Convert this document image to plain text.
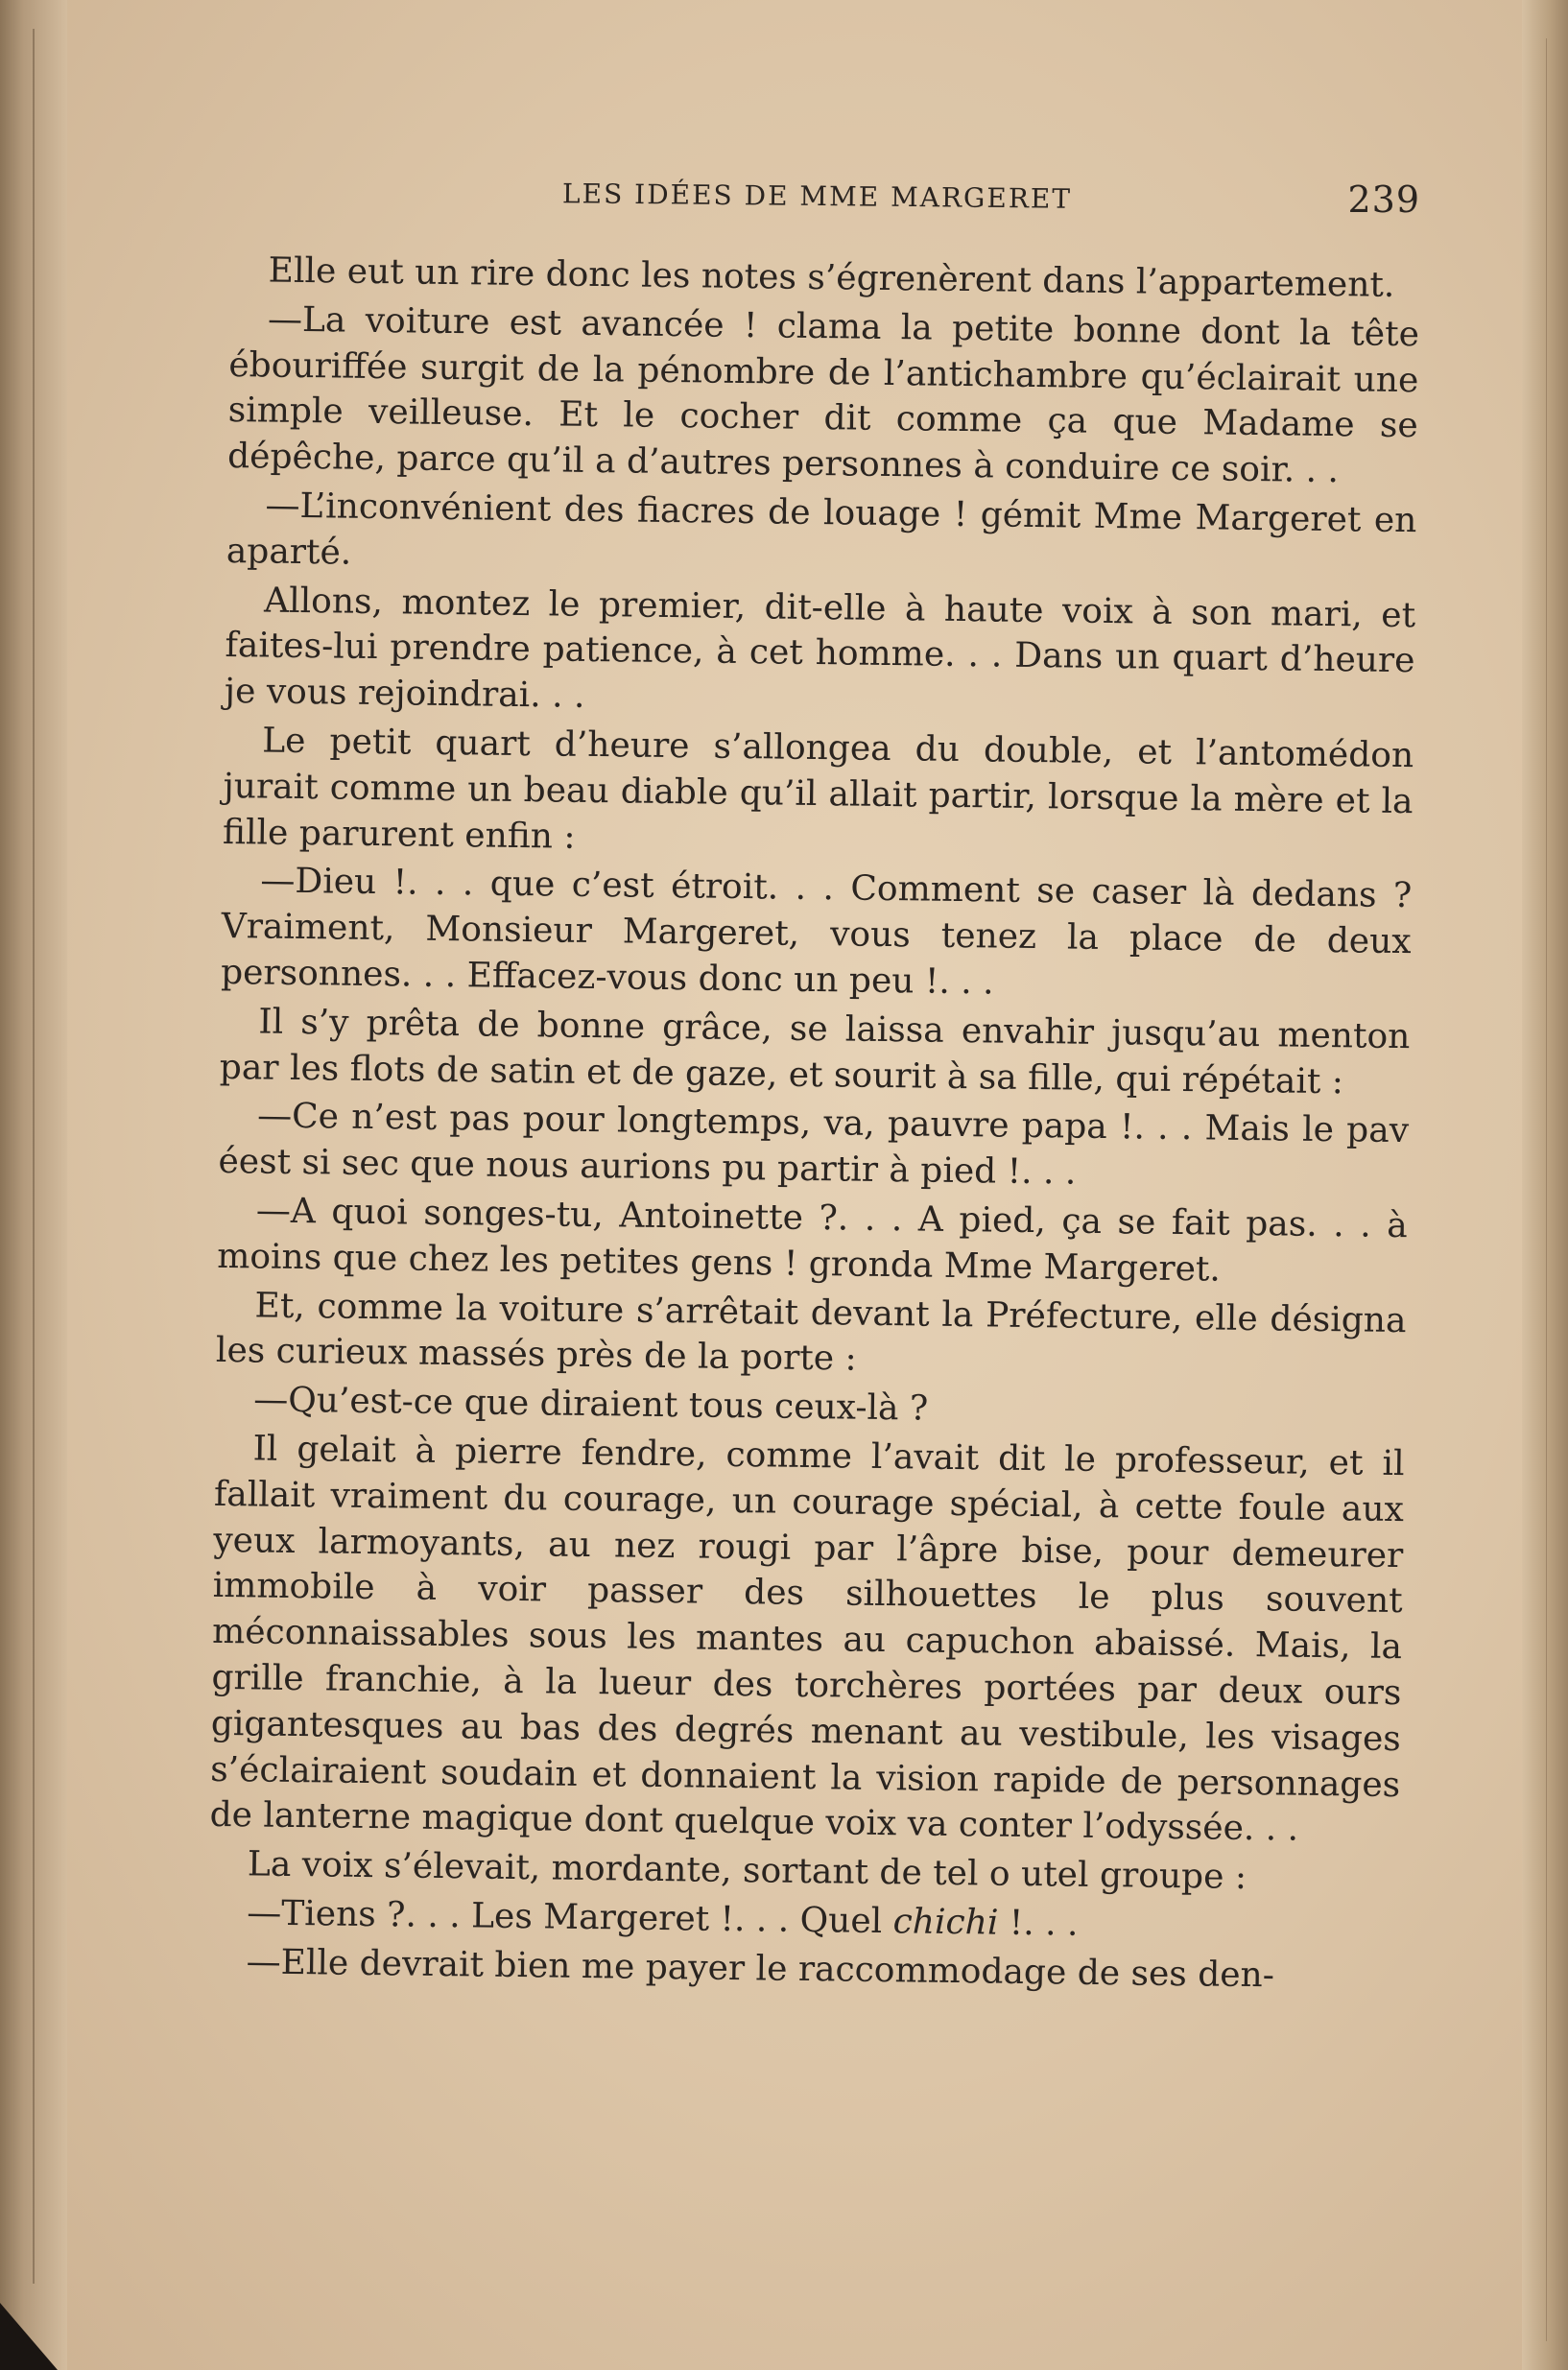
LES IDÉES DE MME MARGERET	239

Elle eut un rire donc les notes s’égrenèrent dans l’appartement.

—La voiture est avancée ! clama la petite bonne dont la tête ébouriffée surgit de la pénombre de l’antichambre qu’éclairait une simple veilleuse. Et le cocher dit comme ça que Madame se dépêche, parce qu’il a d’autres personnes à conduire ce soir. . .

—L’inconvénient des fiacres de louage ! gémit Mme Margeret en aparté.

Allons, montez le premier, dit-elle à haute voix à son mari, et faites-lui prendre patience, à cet homme. . . Dans un quart d’heure je vous rejoindrai. . .

Le petit quart d’heure s’allongea du double, et l’antomédon jurait comme un beau diable qu’il allait partir, lorsque la mère et la fille parurent enfin :

—Dieu !. . . que c’est étroit. . . Comment se caser là dedans ? Vraiment, Monsieur Margeret, vous tenez la place de deux personnes. . . Effacez-vous donc un peu !. . .

Il s’y prêta de bonne grâce, se laissa envahir jusqu’au menton par les flots de satin et de gaze, et sourit à sa fille, qui répétait :

—Ce n’est pas pour longtemps, va, pauvre papa !. . . Mais le pav éest si sec que nous aurions pu partir à pied !. . .

—A quoi songes-tu, Antoinette ?. . . A pied, ça se fait pas. . . à moins que chez les petites gens ! gronda Mme Margeret.

Et, comme la voiture s’arrêtait devant la Préfecture, elle désigna les curieux massés près de la porte :

—Qu’est-ce que diraient tous ceux-là ?

Il gelait à pierre fendre, comme l’avait dit le professeur, et il fallait vraiment du courage, un courage spécial, à cette foule aux yeux larmoyants, au nez rougi par l’âpre bise, pour demeurer immobile à voir passer des silhouettes le plus souvent méconnaissables sous les mantes au capuchon abaissé. Mais, la grille franchie, à la lueur des torchères portées par deux ours gigantesques au bas des degrés menant au vestibule, les visages s’éclairaient soudain et donnaient la vision rapide de personnages de lanterne magique dont quelque voix va conter l’odyssée. . .

La voix s’élevait, mordante, sortant de tel o utel groupe :

—Tiens ?. . . Les Margeret !. . . Quel chichi !. . .

—Elle devrait bien me payer le raccommodage de ses den-
